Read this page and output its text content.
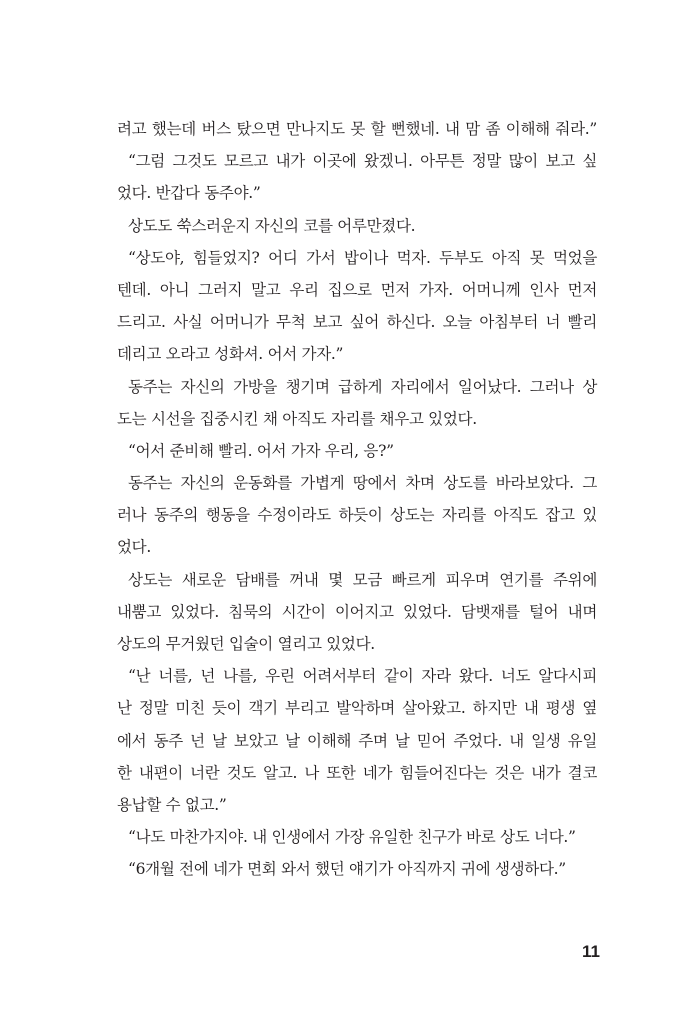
려고 했는데 버스 탔으면 만나지도 못 할 뻔했네. 내 맘 좀 이해해 줘라.”
“그럼 그것도 모르고 내가 이곳에 왔겠니. 아무튼 정말 많이 보고 싶
었다. 반갑다 동주야.”
상도도 쑥스러운지 자신의 코를 어루만졌다.
“상도야, 힘들었지? 어디 가서 밥이나 먹자. 두부도 아직 못 먹었을
텐데. 아니 그러지 말고 우리 집으로 먼저 가자. 어머니께 인사 먼저
드리고. 사실 어머니가 무척 보고 싶어 하신다. 오늘 아침부터 너 빨리
데리고 오라고 성화셔. 어서 가자.”
동주는 자신의 가방을 챙기며 급하게 자리에서 일어났다. 그러나 상
도는 시선을 집중시킨 채 아직도 자리를 채우고 있었다.
“어서 준비해 빨리. 어서 가자 우리, 응?”
동주는 자신의 운동화를 가볍게 땅에서 차며 상도를 바라보았다. 그
러나 동주의 행동을 수정이라도 하듯이 상도는 자리를 아직도 잡고 있
었다.
상도는 새로운 담배를 꺼내 몇 모금 빠르게 피우며 연기를 주위에
내뿜고 있었다. 침묵의 시간이 이어지고 있었다. 담뱃재를 털어 내며
상도의 무거웠던 입술이 열리고 있었다.
“난 너를, 넌 나를, 우린 어려서부터 같이 자라 왔다. 너도 알다시피
난 정말 미친 듯이 객기 부리고 발악하며 살아왔고. 하지만 내 평생 옆
에서 동주 넌 날 보았고 날 이해해 주며 날 믿어 주었다. 내 일생 유일
한 내편이 너란 것도 알고. 나 또한 네가 힘들어진다는 것은 내가 결코
용납할 수 없고.”
“나도 마찬가지야. 내 인생에서 가장 유일한 친구가 바로 상도 너다.”
“6개월 전에 네가 면회 와서 했던 얘기가 아직까지 귀에 생생하다.”
11
